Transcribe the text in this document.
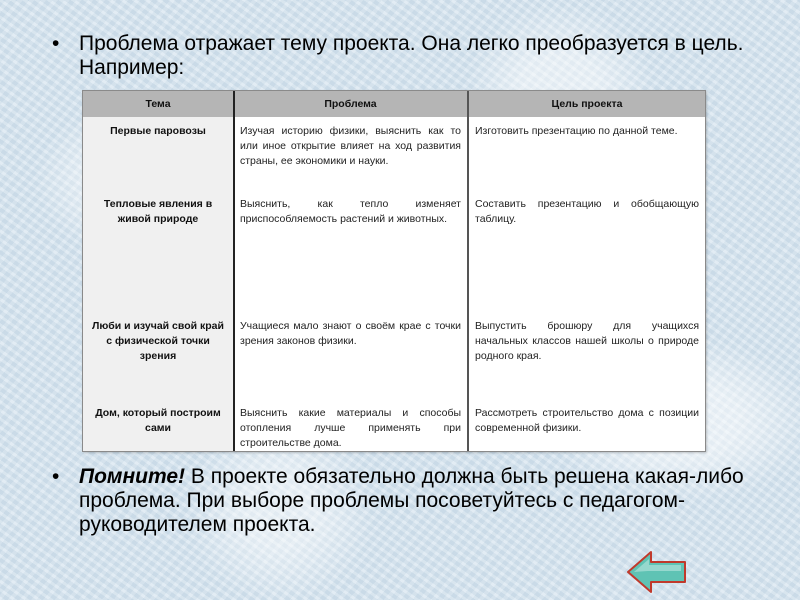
• Проблема отражает тему проекта. Она легко преобразуется в цель. Например:
• Помните! В проекте обязательно должна быть решена какая-либо проблема. При выборе проблемы посоветуйтесь с педагогом-руководителем проекта.
Первые паровозы
Тепловые явления в живой природе
Люби и изучай свой край с физической точки зрения
Дом, который построим сами
Изучая историю физики, выяснить как то или иное открытие влияет на ход развития страны, ее экономики и науки.
Выяснить, как тепло изменяет приспособляемость растений и животных.
Учащиеся мало знают о своём крае с точки зрения законов физики.
Выяснить какие материалы и способы отопления лучше применять при строительстве дома.
Изготовить презентацию по данной теме.
Составить презентацию и обобщающую таблицу.
Выпустить брошюру для учащихся начальных классов нашей школы о природе родного края.
Рассмотреть строительство дома с позиции современной физики.
Тема	Проблема	Цель проекта
